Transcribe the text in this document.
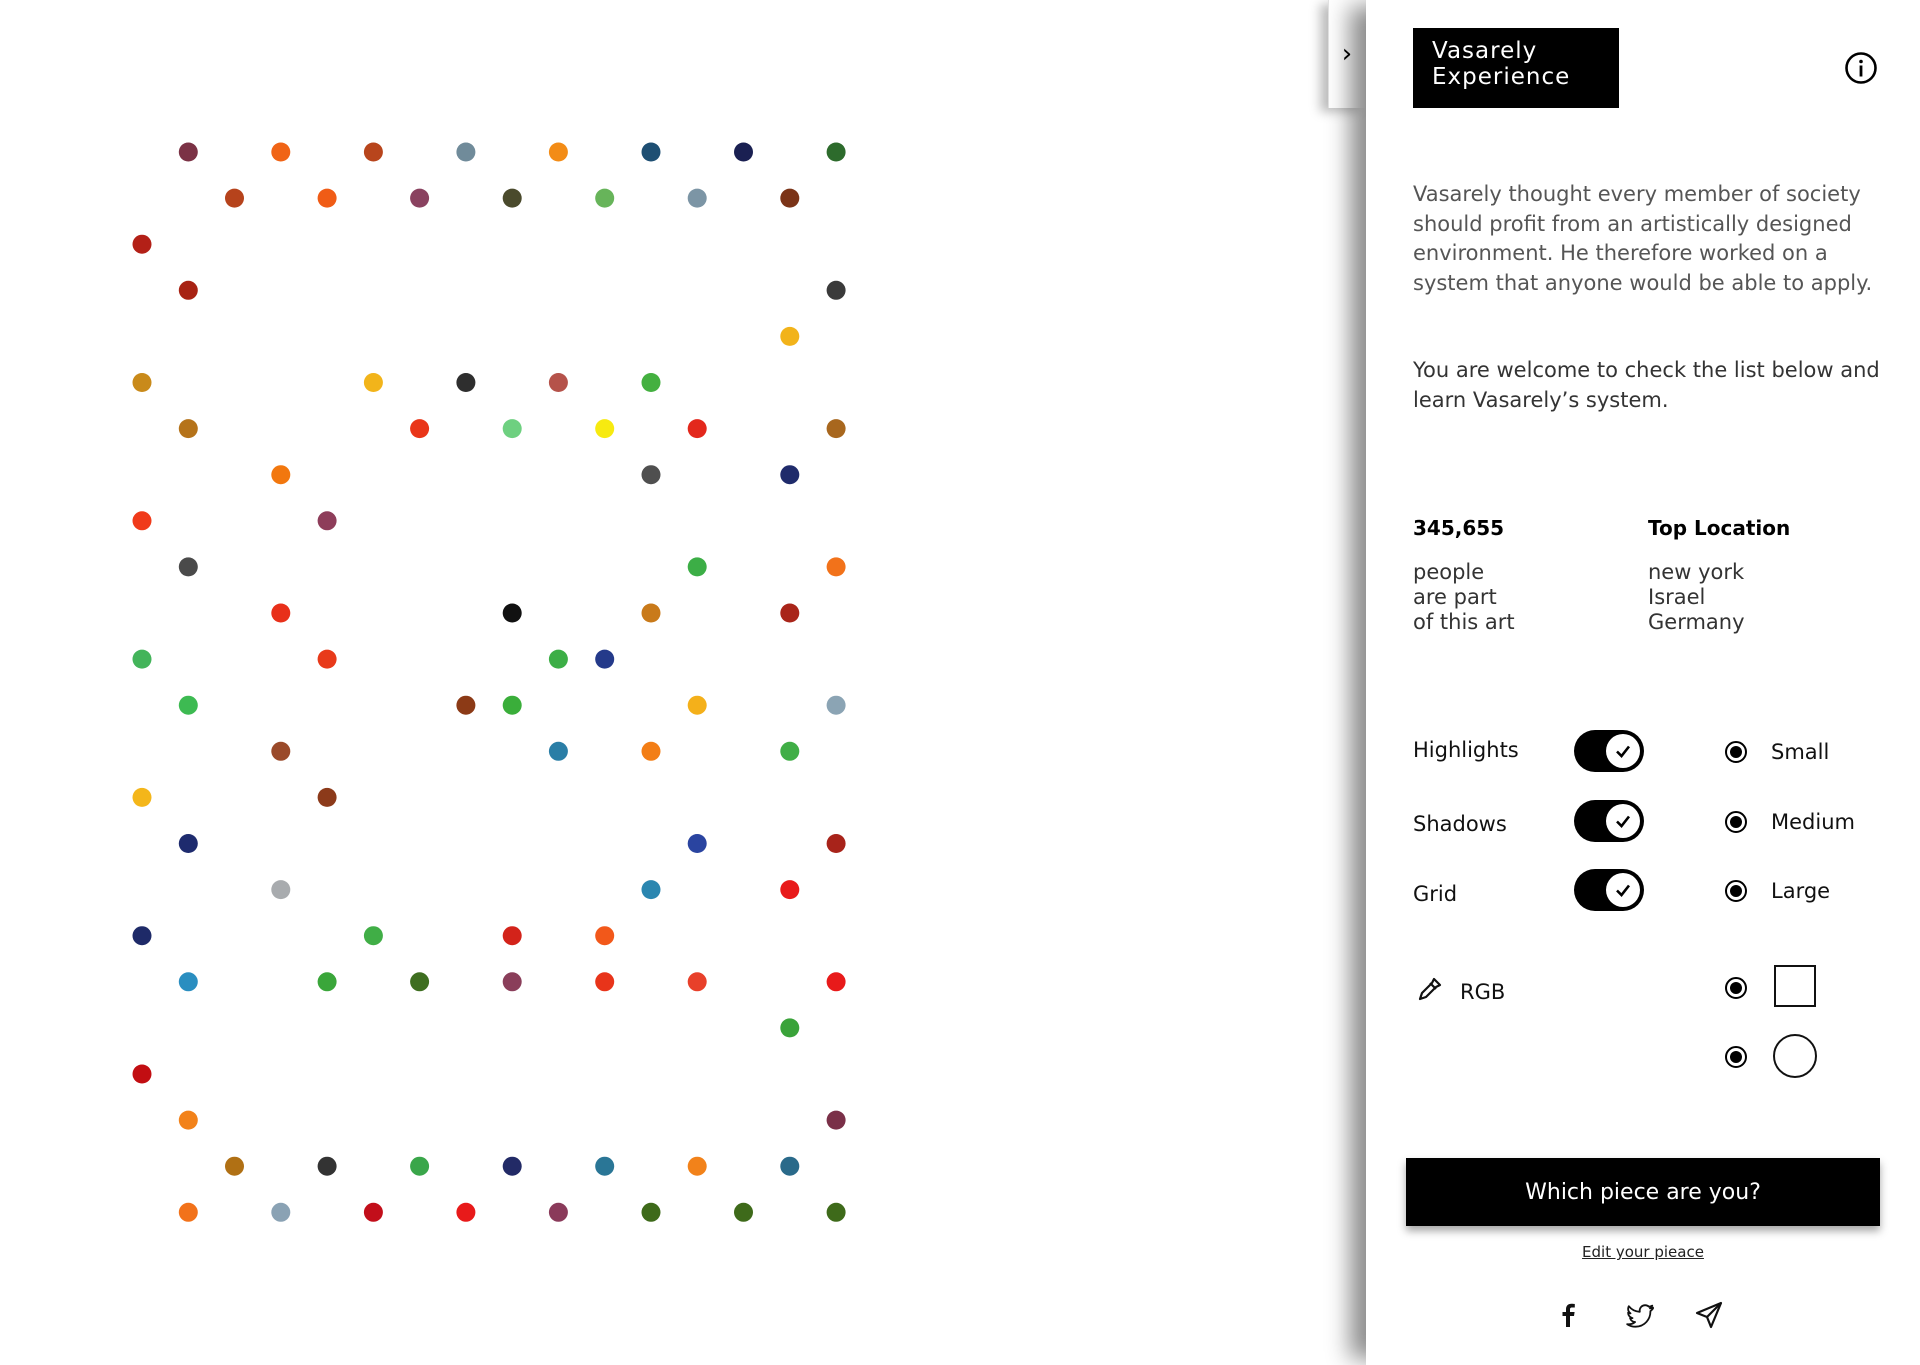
›	Vasarely
Experience
Vasarely thought every member of society should profit from an artistically designed environment. He therefore worked on a system that anyone would be able to apply.
You are welcome to check the list below and learn Vasarely’s system.
345,655
people
are part
of this art
Top Location
new york
Israel
Germany
Highlights
Shadows
Grid
Small
Medium
Large
RGB
Which piece are you?
Edit your pieace
